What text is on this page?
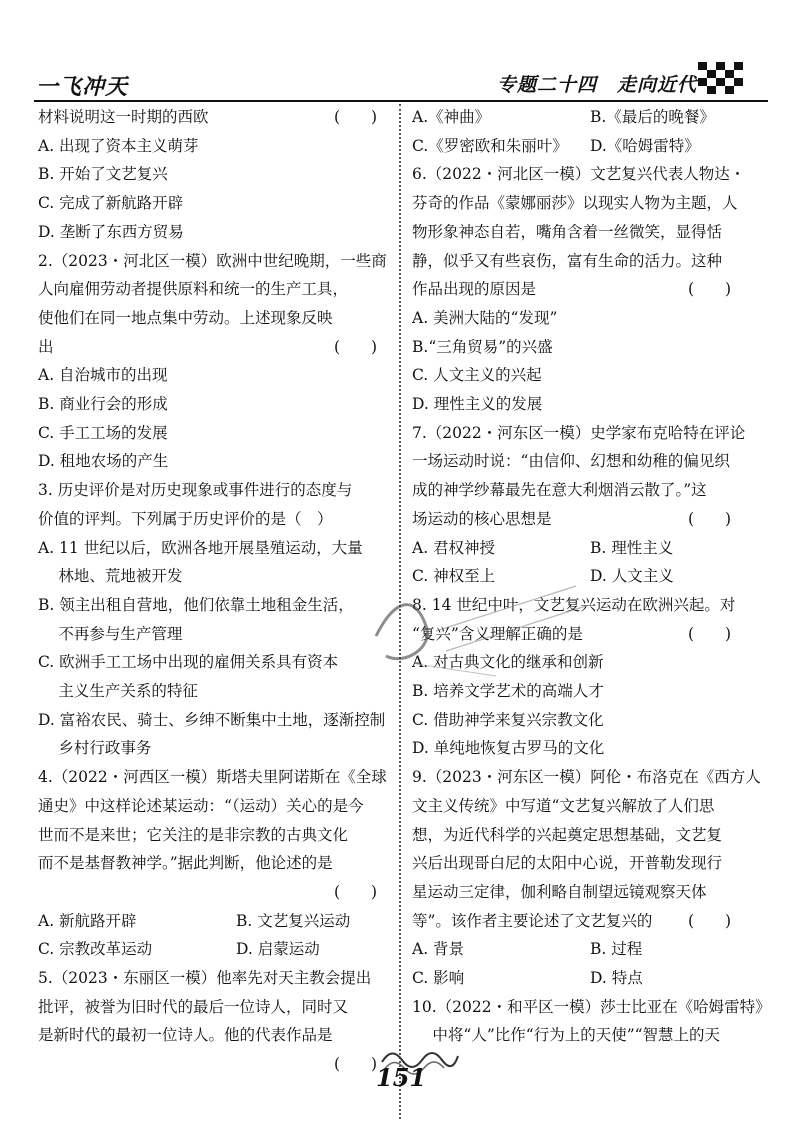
一飞冲天	专题二十四　走向近代
材料说明这一时期的西欧	(　　)
A. 出现了资本主义萌芽
B. 开始了文艺复兴
C. 完成了新航路开辟
D. 垄断了东西方贸易
2.（2023・河北区一模）欧洲中世纪晚期，一些商
人向雇佣劳动者提供原料和统一的生产工具，
使他们在同一地点集中劳动。上述现象反映
出	(　　)
A. 自治城市的出现
B. 商业行会的形成
C. 手工工场的发展
D. 租地农场的产生
3. 历史评价是对历史现象或事件进行的态度与
价值的评判。下列属于历史评价的是（　）
A. 11 世纪以后，欧洲各地开展垦殖运动，大量
　 林地、荒地被开发
B. 领主出租自营地，他们依靠土地租金生活，
　 不再参与生产管理
C. 欧洲手工工场中出现的雇佣关系具有资本
　 主义生产关系的特征
D. 富裕农民、骑士、乡绅不断集中土地，逐渐控制
　 乡村行政事务
4.（2022・河西区一模）斯塔夫里阿诺斯在《全球
通史》中这样论述某运动：“（运动）关心的是今
世而不是来世；它关注的是非宗教的古典文化
而不是基督教神学。”据此判断，他论述的是
(　　)
A. 新航路开辟	B. 文艺复兴运动
C. 宗教改革运动	D. 启蒙运动
5.（2023・东丽区一模）他率先对天主教会提出
批评，被誉为旧时代的最后一位诗人，同时又
是新时代的最初一位诗人。他的代表作品是
(　　)
A.《神曲》	B.《最后的晚餐》
C.《罗密欧和朱丽叶》 D.《哈姆雷特》
6.（2022・河北区一模）文艺复兴代表人物达・
芬奇的作品《蒙娜丽莎》以现实人物为主题，人
物形象神态自若，嘴角含着一丝微笑，显得恬
静，似乎又有些哀伤，富有生命的活力。这种
作品出现的原因是	(　　)
A. 美洲大陆的“发现”
B.“三角贸易”的兴盛
C. 人文主义的兴起
D. 理性主义的发展
7.（2022・河东区一模）史学家布克哈特在评论
一场运动时说：“由信仰、幻想和幼稚的偏见织
成的神学纱幕最先在意大利烟消云散了。”这
场运动的核心思想是	(　　)
A. 君权神授	B. 理性主义
C. 神权至上	D. 人文主义
8. 14 世纪中叶，文艺复兴运动在欧洲兴起。对
“复兴”含义理解正确的是	(　　)
A. 对古典文化的继承和创新
B. 培养文学艺术的高端人才
C. 借助神学来复兴宗教文化
D. 单纯地恢复古罗马的文化
9.（2023・河东区一模）阿伦・布洛克在《西方人
文主义传统》中写道“文艺复兴解放了人们思
想，为近代科学的兴起奠定思想基础，文艺复
兴后出现哥白尼的太阳中心说，开普勒发现行
星运动三定律，伽利略自制望远镜观察天体
等”。该作者主要论述了文艺复兴的 (　　)
A. 背景	B. 过程
C. 影响	D. 特点
10.（2022・和平区一模）莎士比亚在《哈姆雷特》
　 中将“人”比作“行为上的天使”“智慧上的天
151
